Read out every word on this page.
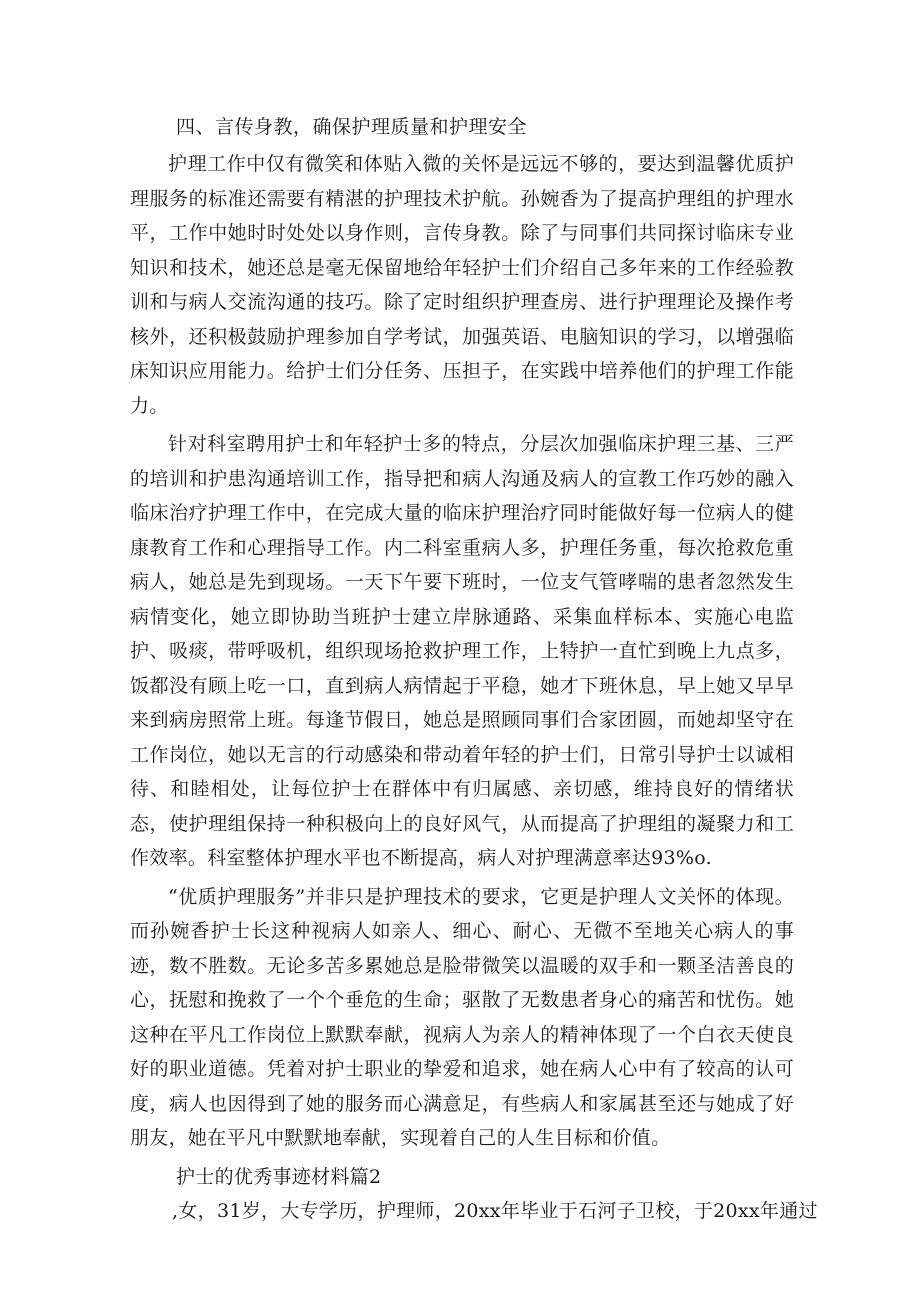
四、言传身教，确保护理质量和护理安全

护理工作中仅有微笑和体贴入微的关怀是远远不够的，要达到温馨优质护理服务的标准还需要有精湛的护理技术护航。孙婉香为了提高护理组的护理水平，工作中她时时处处以身作则，言传身教。除了与同事们共同探讨临床专业知识和技术，她还总是毫无保留地给年轻护士们介绍自己多年来的工作经验教训和与病人交流沟通的技巧。除了定时组织护理查房、进行护理理论及操作考核外，还积极鼓励护理参加自学考试，加强英语、电脑知识的学习，以增强临床知识应用能力。给护士们分任务、压担子，在实践中培养他们的护理工作能力。

针对科室聘用护士和年轻护士多的特点，分层次加强临床护理三基、三严的培训和护患沟通培训工作，指导把和病人沟通及病人的宣教工作巧妙的融入临床治疗护理工作中，在完成大量的临床护理治疗同时能做好每一位病人的健康教育工作和心理指导工作。内二科室重病人多，护理任务重，每次抢救危重病人，她总是先到现场。一天下午要下班时，一位支气管哮喘的患者忽然发生病情变化，她立即协助当班护士建立岸脉通路、采集血样标本、实施心电监护、吸痰，带呼吸机，组织现场抢救护理工作，上特护一直忙到晚上九点多，饭都没有顾上吃一口，直到病人病情起于平稳，她才下班休息，早上她又早早来到病房照常上班。每逢节假日，她总是照顾同事们合家团圆，而她却坚守在工作岗位，她以无言的行动感染和带动着年轻的护士们，日常引导护士以诚相待、和睦相处，让每位护士在群体中有归属感、亲切感，维持良好的情绪状态，使护理组保持一种积极向上的良好风气，从而提高了护理组的凝聚力和工作效率。科室整体护理水平也不断提高，病人对护理满意率达93%o.

“优质护理服务”并非只是护理技术的要求，它更是护理人文关怀的体现。而孙婉香护士长这种视病人如亲人、细心、耐心、无微不至地关心病人的事迹，数不胜数。无论多苦多累她总是脸带微笑以温暖的双手和一颗圣洁善良的心，抚慰和挽救了一个个垂危的生命；驱散了无数患者身心的痛苦和忧伤。她这种在平凡工作岗位上默默奉献，视病人为亲人的精神体现了一个白衣天使良好的职业道德。凭着对护士职业的挚爱和追求，她在病人心中有了较高的认可度，病人也因得到了她的服务而心满意足，有些病人和家属甚至还与她成了好朋友，她在平凡中默默地奉献，实现着自己的人生目标和价值。

护士的优秀事迹材料篇2

,女，31岁，大专学历，护理师，20xx年毕业于石河子卫校，于20xx年通过
